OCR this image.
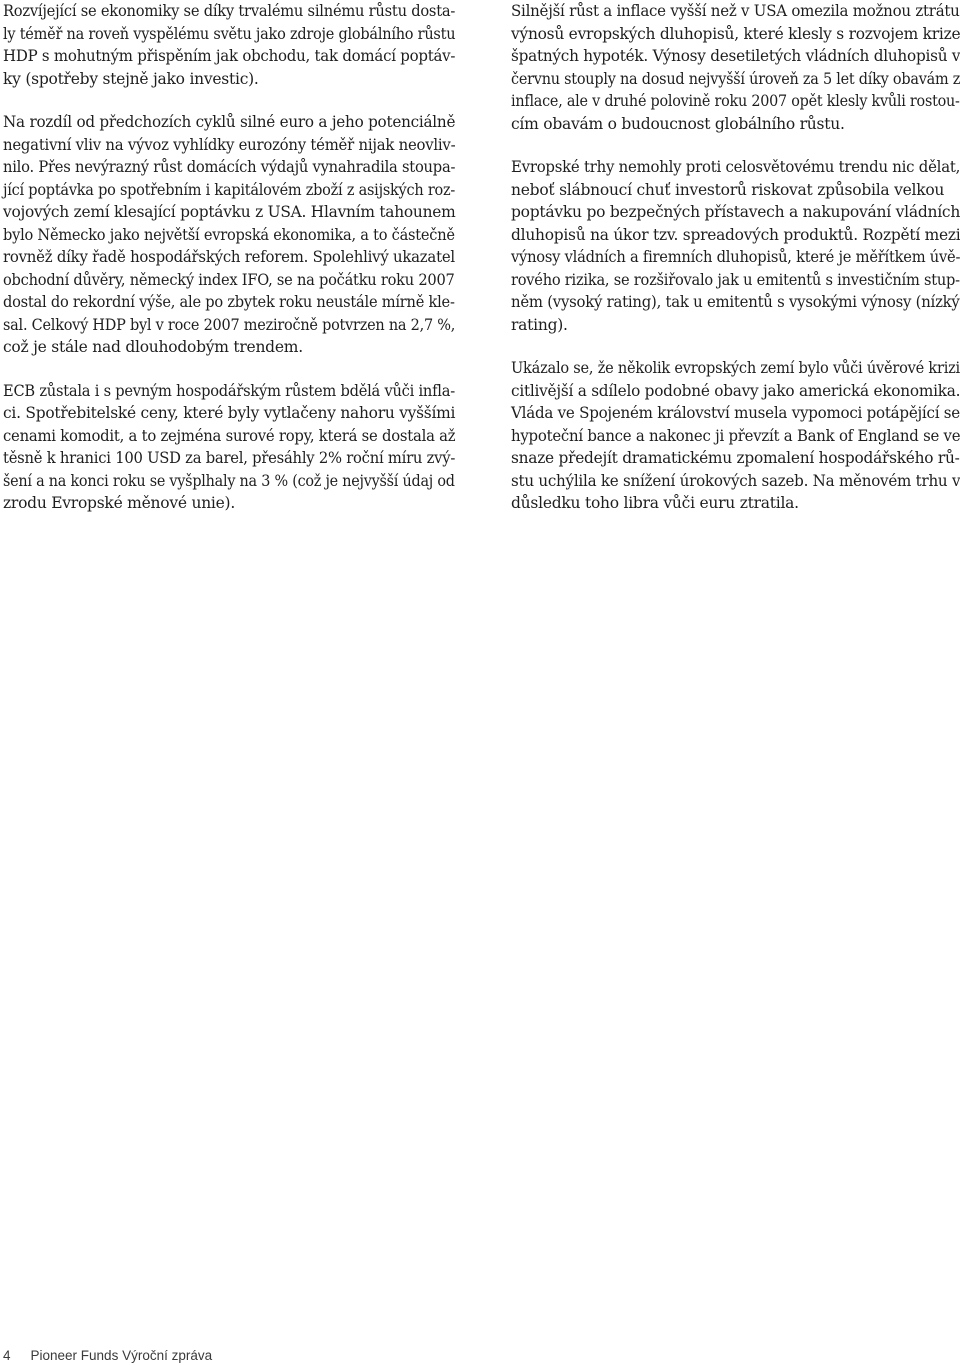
Rozvíjející se ekonomiky se díky trvalému silnému růstu dosta-
ly téměř na roveň vyspělému světu jako zdroje globálního růstu
HDP s mohutným přispěním jak obchodu, tak domácí poptáv-
ky (spotřeby stejně jako investic).

Na rozdíl od předchozích cyklů silné euro a jeho potenciálně
negativní vliv na vývoz vyhlídky eurozóny téměř nijak neovliv-
nilo. Přes nevýrazný růst domácích výdajů vynahradila stoupa-
jící poptávka po spotřebním i kapitálovém zboží z asijských roz-
vojových zemí klesající poptávku z USA. Hlavním tahounem
bylo Německo jako největší evropská ekonomika, a to částečně
rovněž díky řadě hospodářských reforem. Spolehlivý ukazatel
obchodní důvěry, německý index IFO, se na počátku roku 2007
dostal do rekordní výše, ale po zbytek roku neustále mírně kle-
sal. Celkový HDP byl v roce 2007 meziročně potvrzen na 2,7 %,
což je stále nad dlouhodobým trendem.

ECB zůstala i s pevným hospodářským růstem bdělá vůči infla-
ci. Spotřebitelské ceny, které byly vytlačeny nahoru vyššími
cenami komodit, a to zejména surové ropy, která se dostala až
těsně k hranici 100 USD za barel, přesáhly 2% roční míru zvý-
šení a na konci roku se vyšplhaly na 3 % (což je nejvyšší údaj od
zrodu Evropské měnové unie).

Silnější růst a inflace vyšší než v USA omezila možnou ztrátu
výnosů evropských dluhopisů, které klesly s rozvojem krize
špatných hypoték. Výnosy desetiletých vládních dluhopisů v
červnu stouply na dosud nejvyšší úroveň za 5 let díky obavám z
inflace, ale v druhé polovině roku 2007 opět klesly kvůli rostou-
cím obavám o budoucnost globálního růstu.

Evropské trhy nemohly proti celosvětovému trendu nic dělat,
neboť slábnoucí chuť investorů riskovat způsobila velkou
poptávku po bezpečných přístavech a nakupování vládních
dluhopisů na úkor tzv. spreadových produktů. Rozpětí mezi
výnosy vládních a firemních dluhopisů, které je měřítkem úvě-
rového rizika, se rozšiřovalo jak u emitentů s investičním stup-
něm (vysoký rating), tak u emitentů s vysokými výnosy (nízký
rating).

Ukázalo se, že několik evropských zemí bylo vůči úvěrové krizi
citlivější a sdílelo podobné obavy jako americká ekonomika.
Vláda ve Spojeném království musela vypomoci potápějící se
hypoteční bance a nakonec ji převzít a Bank of England se ve
snaze předejít dramatickému zpomalení hospodářského rů-
stu uchýlila ke snížení úrokových sazeb. Na měnovém trhu v
důsledku toho libra vůči euru ztratila.

4 Pioneer Funds Výroční zpráva
